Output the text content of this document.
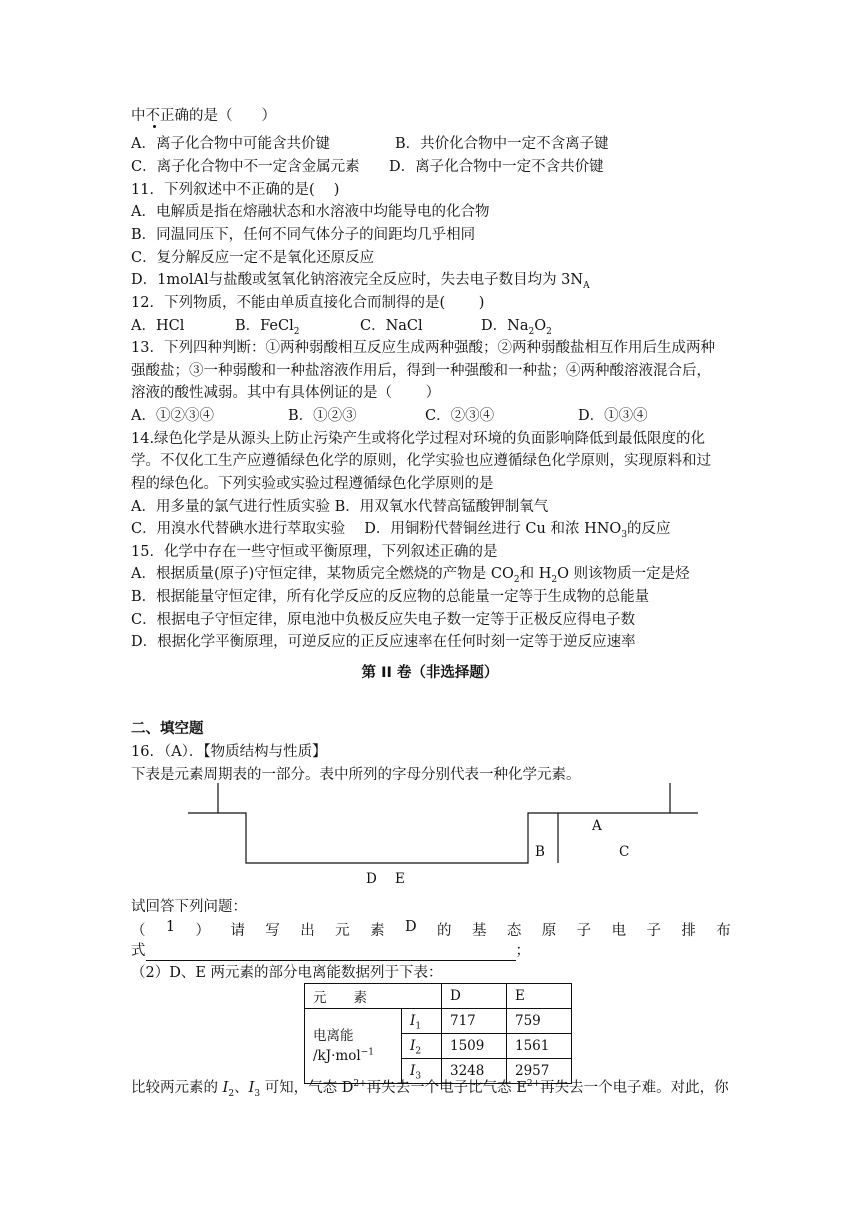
中不正确的是（　　）
A．离子化合物中可能含共价键	B．共价化合物中一定不含离子键
C．离子化合物中不一定含金属元素 D．离子化合物中一定不含共价键
11．下列叙述中不正确的是(　 )
A．电解质是指在熔融状态和水溶液中均能导电的化合物
B．同温同压下，任何不同气体分子的间距均几乎相同
C．复分解反应一定不是氧化还原反应
D．1molAl与盐酸或氢氧化钠溶液完全反应时，失去电子数目均为 $3N_A$
12．下列物质，不能由单质直接化合而制得的是(　　 )
A．HCl	B．FeCl$_2$	C．NaCl	D．$Na_2O_2$
13．下列四种判断：①两种弱酸相互反应生成两种强酸；②两种弱酸盐相互作用后生成两种
强酸盐；③一种弱酸和一种盐溶液作用后，得到一种强酸和一种盐；④两种酸溶液混合后，
溶液的酸性减弱。其中有具体例证的是（　　 ）
A．①②③④	B．①②③	C．②③④	D．①③④
14.绿色化学是从源头上防止污染产生或将化学过程对环境的负面影响降低到最低限度的化
学。不仅化工生产应遵循绿色化学的原则，化学实验也应遵循绿色化学原则，实现原料和过
程的绿色化。下列实验或实验过程遵循绿色化学原则的是
A．用多量的氯气进行性质实验 B．用双氧水代替高锰酸钾制氧气
C．用溴水代替碘水进行萃取实验　 D．用铜粉代替铜丝进行 Cu 和浓 $HNO_3$的反应
15．化学中存在一些守恒或平衡原理，下列叙述正确的是
A．根据质量(原子)守恒定律，某物质完全燃烧的产物是 $CO_2$和 $H_2O$ 则该物质一定是烃
B．根据能量守恒定律，所有化学反应的反应物的总能量一定等于生成物的总能量
C．根据电子守恒定律，原电池中负极反应失电子数一定等于正极反应得电子数
D．根据化学平衡原理，可逆反应的正反应速率在任何时刻一定等于逆反应速率
第 II 卷（非选择题）
二、填空题
16．（A）．【物质结构与性质】
下表是元素周期表的一部分。表中所列的字母分别代表一种化学元素。
A
B	C
D E
试回答下列问题：
（ 1 ） 请 写 出 元 素 D 的 基 态 原 子 电 子 排 布
式	；
（2）D、E 两元素的部分电离能数据列于下表：
元　　素		D	E
电离能
/kJ·mol$^{-1}$	$I_1$	717	759
	$I_2$	1509	1561
	$I_3$	3248	2957
比较两元素的 $I_2$、$I_3$ 可知，气态 $D^{2+}$再失去一个电子比气态 $E^{2+}$再失去一个电子难。对此，你
